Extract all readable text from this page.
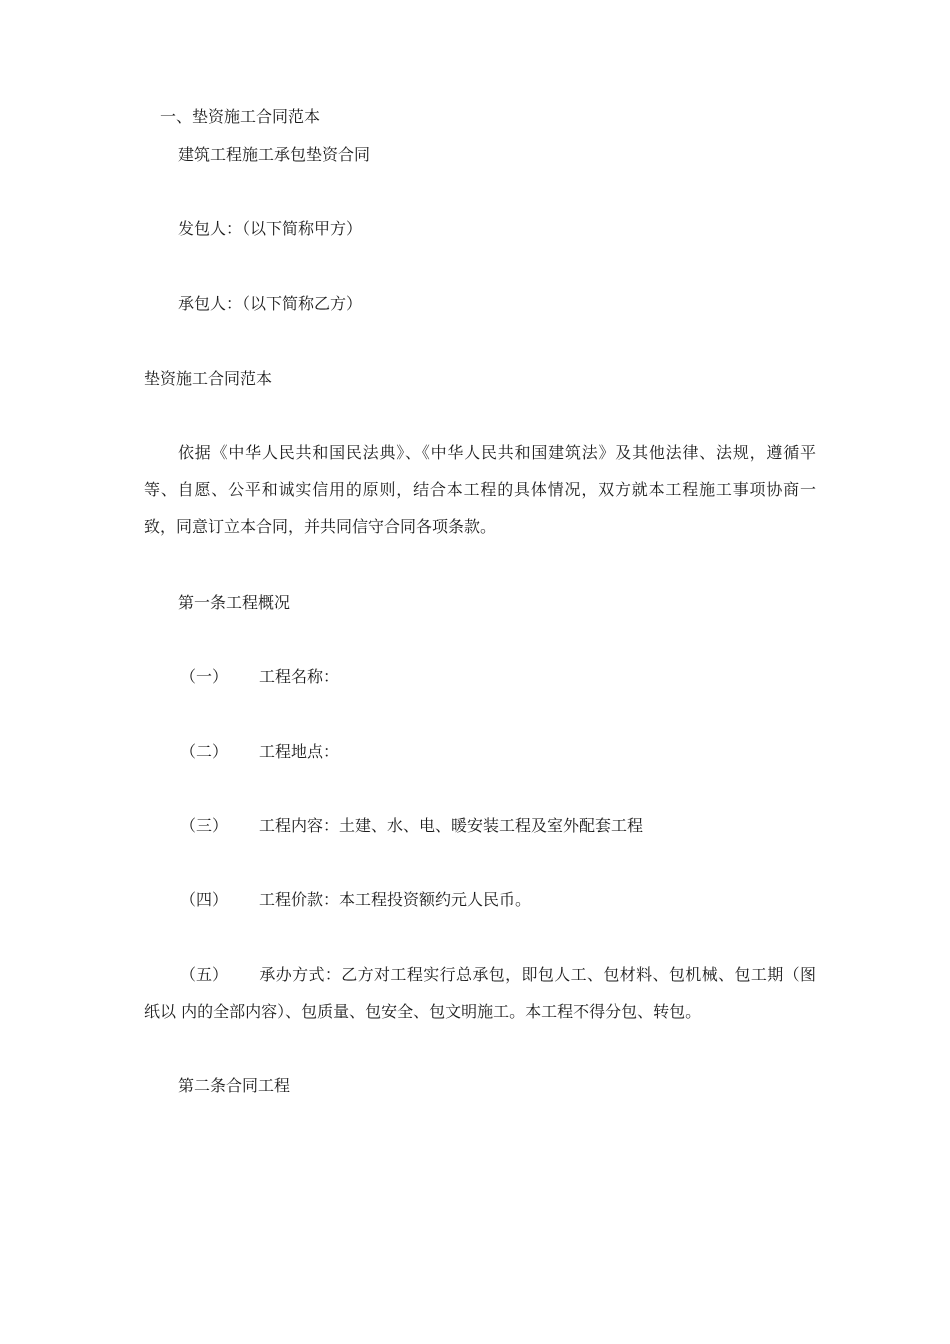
一、垫资施工合同范本
建筑工程施工承包垫资合同
发包人：（以下简称甲方）
承包人：（以下简称乙方）
垫资施工合同范本
依据《中华人民共和国民法典》、《中华人民共和国建筑法》及其他法律、法规，遵循平 等、自愿、公平和诚实信用的原则，结合本工程的具体情况，双方就本工程施工事项协商一 致，同意订立本合同，并共同信守合同各项条款。
第一条工程概况
（一） 工程名称：
（二） 工程地点：
（三） 工程内容：土建、水、电、暖安装工程及室外配套工程
（四） 工程价款：本工程投资额约元人民币。
（五） 承办方式：乙方对工程实行总承包，即包人工、包材料、包机械、包工期（图纸以 内的全部内容）、包质量、包安全、包文明施工。本工程不得分包、转包。
第二条合同工程
